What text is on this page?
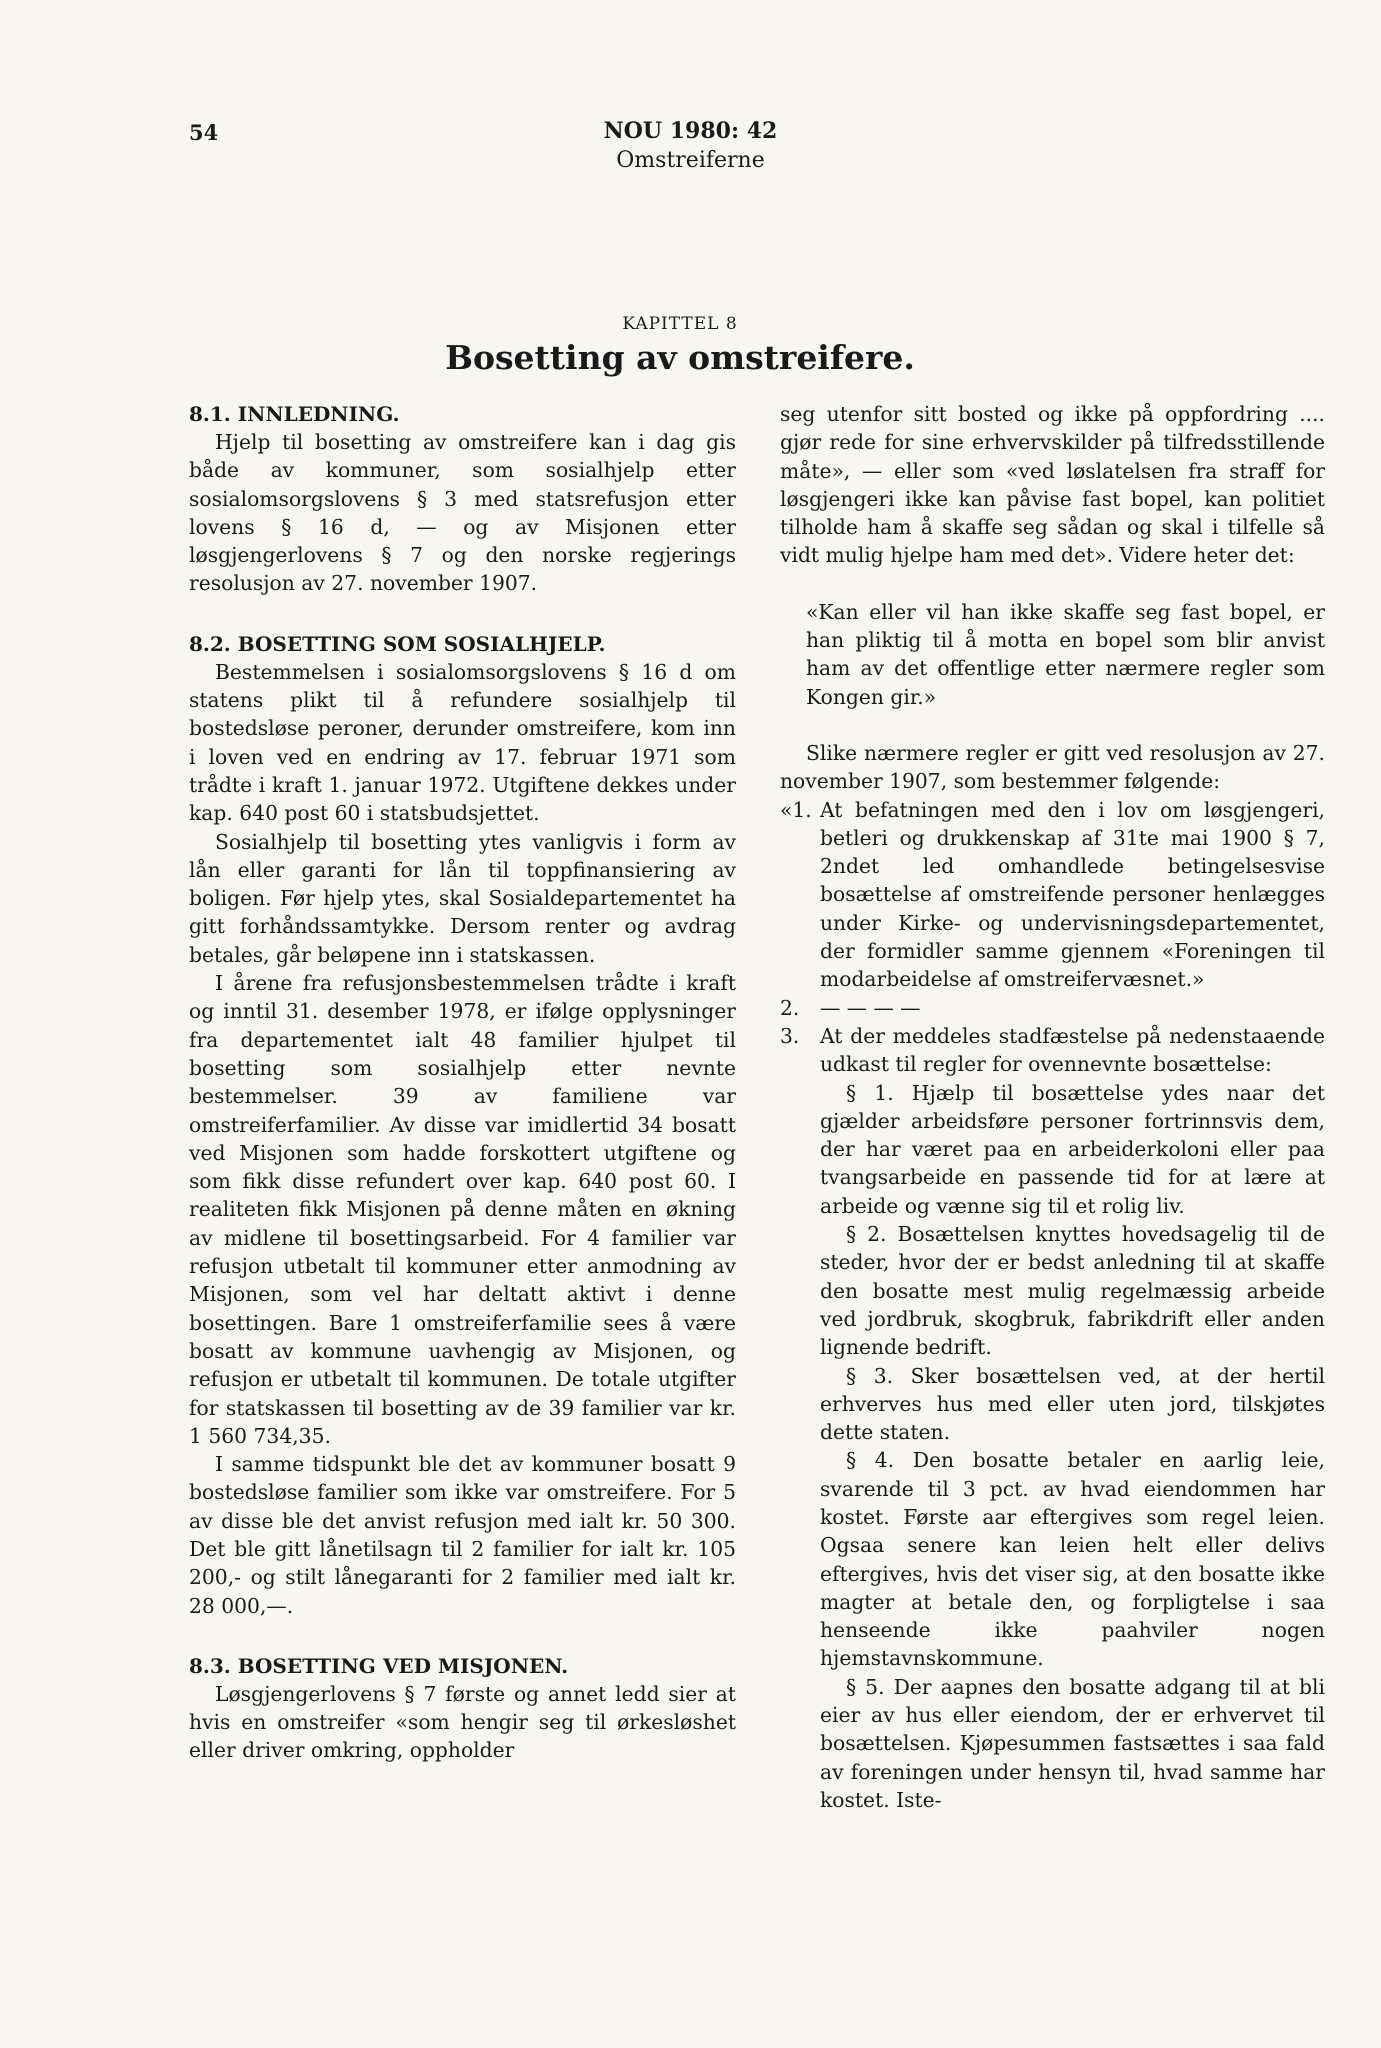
54	NOU 1980: 42
Omstreiferne
KAPITTEL 8
Bosetting av omstreifere.
8.1. INNLEDNING.

Hjelp til bosetting av omstreifere kan i dag gis både av kommuner, som sosialhjelp etter sosialomsorgslovens § 3 med statsrefusjon etter lovens § 16 d, — og av Misjonen etter løsgjengerlovens § 7 og den norske regjerings resolusjon av 27. november 1907.

8.2. BOSETTING SOM SOSIALHJELP.

Bestemmelsen i sosialomsorgslovens § 16 d om statens plikt til å refundere sosialhjelp til bostedsløse peroner, derunder omstreifere, kom inn i loven ved en endring av 17. februar 1971 som trådte i kraft 1. januar 1972. Utgiftene dekkes under kap. 640 post 60 i statsbudsjettet.

Sosialhjelp til bosetting ytes vanligvis i form av lån eller garanti for lån til toppfinansiering av boligen. Før hjelp ytes, skal Sosialdepartementet ha gitt forhåndssamtykke. Dersom renter og avdrag betales, går beløpene inn i statskassen.

I årene fra refusjonsbestemmelsen trådte i kraft og inntil 31. desember 1978, er ifølge opplysninger fra departementet ialt 48 familier hjulpet til bosetting som sosialhjelp etter nevnte bestemmelser. 39 av familiene var omstreiferfamilier. Av disse var imidlertid 34 bosatt ved Misjonen som hadde forskottert utgiftene og som fikk disse refundert over kap. 640 post 60. I realiteten fikk Misjonen på denne måten en økning av midlene til bosettingsarbeid. For 4 familier var refusjon utbetalt til kommuner etter anmodning av Misjonen, som vel har deltatt aktivt i denne bosettingen. Bare 1 omstreiferfamilie sees å være bosatt av kommune uavhengig av Misjonen, og refusjon er utbetalt til kommunen. De totale utgifter for statskassen til bosetting av de 39 familier var kr. 1 560 734,35.

I samme tidspunkt ble det av kommuner bosatt 9 bostedsløse familier som ikke var omstreifere. For 5 av disse ble det anvist refusjon med ialt kr. 50 300. Det ble gitt lånetilsagn til 2 familier for ialt kr. 105 200,- og stilt lånegaranti for 2 familier med ialt kr. 28 000,—.

8.3. BOSETTING VED MISJONEN.

Løsgjengerlovens § 7 første og annet ledd sier at hvis en omstreifer «som hengir seg til ørkesløshet eller driver omkring, oppholder

seg utenfor sitt bosted og ikke på oppfordring .... gjør rede for sine erhvervskilder på tilfredsstillende måte», — eller som «ved løslatelsen fra straff for løsgjengeri ikke kan påvise fast bopel, kan politiet tilholde ham å skaffe seg sådan og skal i tilfelle så vidt mulig hjelpe ham med det». Videre heter det:

«Kan eller vil han ikke skaffe seg fast bopel, er han pliktig til å motta en bopel som blir anvist ham av det offentlige etter nærmere regler som Kongen gir.»

Slike nærmere regler er gitt ved resolusjon av 27. november 1907, som bestemmer følgende:

«1. At befatningen med den i lov om løsgjengeri, betleri og drukkenskap af 31te mai 1900 § 7, 2ndet led omhandlede betingelsesvise bosættelse af omstreifende personer henlægges under Kirke- og undervisningsdepartementet, der formidler samme gjennem «Foreningen til modarbeidelse af omstreifervæsnet.»
2.	— — — —
3.	At der meddeles stadfæstelse på nedenstaaende udkast til regler for ovennevnte bosættelse:

§ 1. Hjælp til bosættelse ydes naar det gjælder arbeidsføre personer fortrinnsvis dem, der har været paa en arbeiderkoloni eller paa tvangsarbeide en passende tid for at lære at arbeide og vænne sig til et rolig liv.

§ 2. Bosættelsen knyttes hovedsagelig til de steder, hvor der er bedst anledning til at skaffe den bosatte mest mulig regelmæssig arbeide ved jordbruk, skogbruk, fabrikdrift eller anden lignende bedrift.

§ 3. Sker bosættelsen ved, at der hertil erhverves hus med eller uten jord, tilskjøtes dette staten.

§ 4. Den bosatte betaler en aarlig leie, svarende til 3 pct. av hvad eiendommen har kostet. Første aar eftergives som regel leien. Ogsaa senere kan leien helt eller delivs eftergives, hvis det viser sig, at den bosatte ikke magter at betale den, og forpligtelse i saa henseende ikke paahviler nogen hjemstavnskommune.

§ 5. Der aapnes den bosatte adgang til at bli eier av hus eller eiendom, der er erhvervet til bosættelsen. Kjøpesummen fastsættes i saa fald av foreningen under hensyn til, hvad samme har kostet. Iste-
